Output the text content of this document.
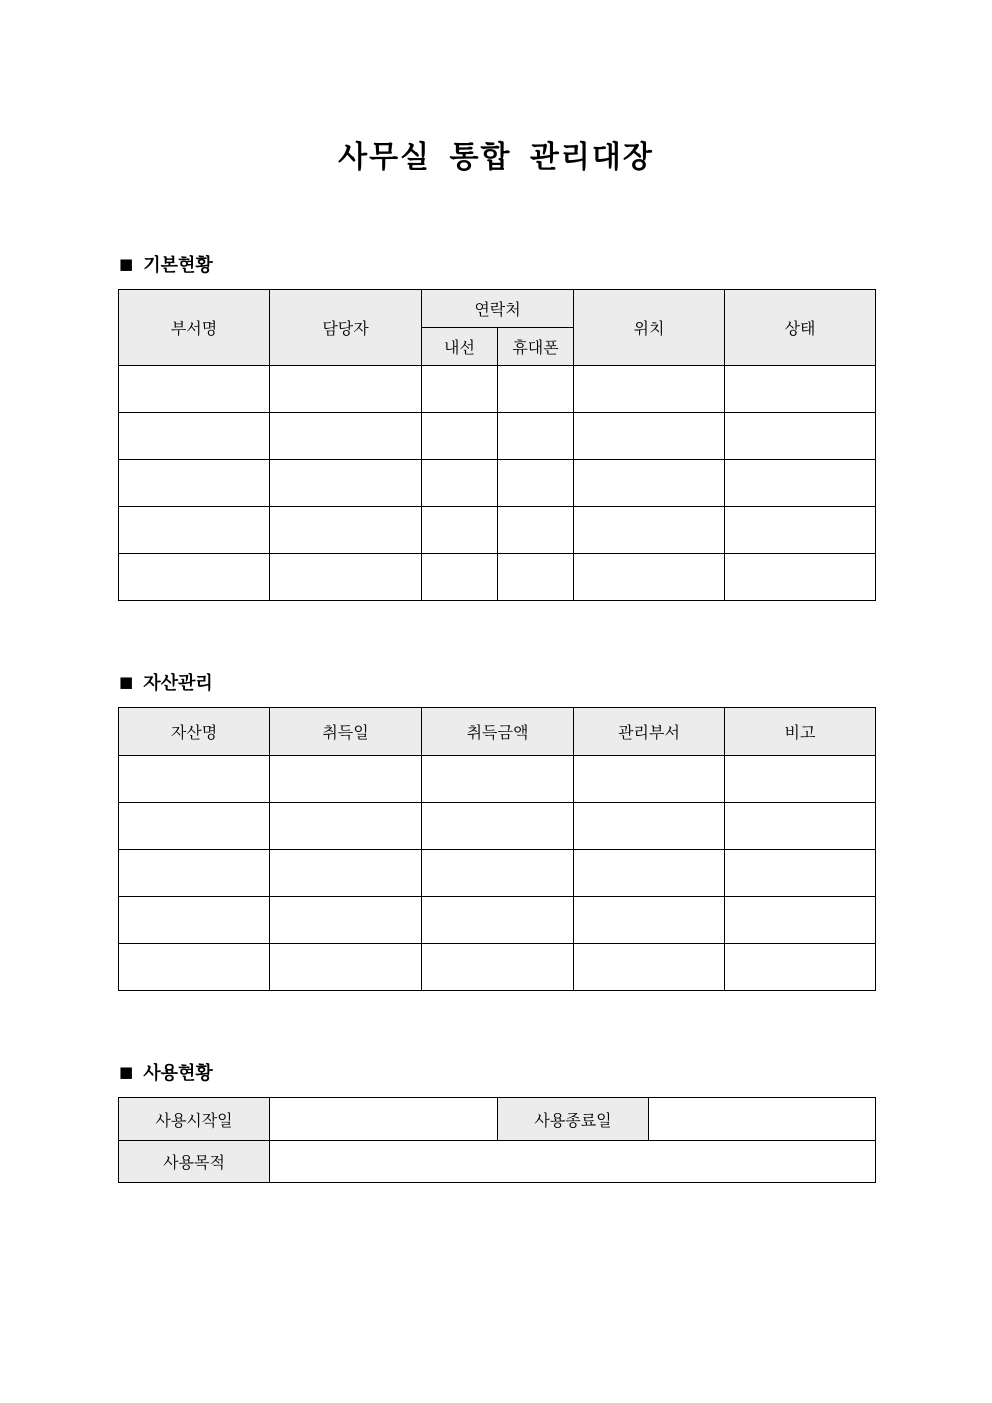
사무실 통합 관리대장
■ 기본현황
부서명	담당자	연락처		위치	상태
		내선	휴대폰		

■ 자산관리
자산명	취득일	취득금액	관리부서	비고

■ 사용현황
사용시작일		사용종료일	
사용목적			
